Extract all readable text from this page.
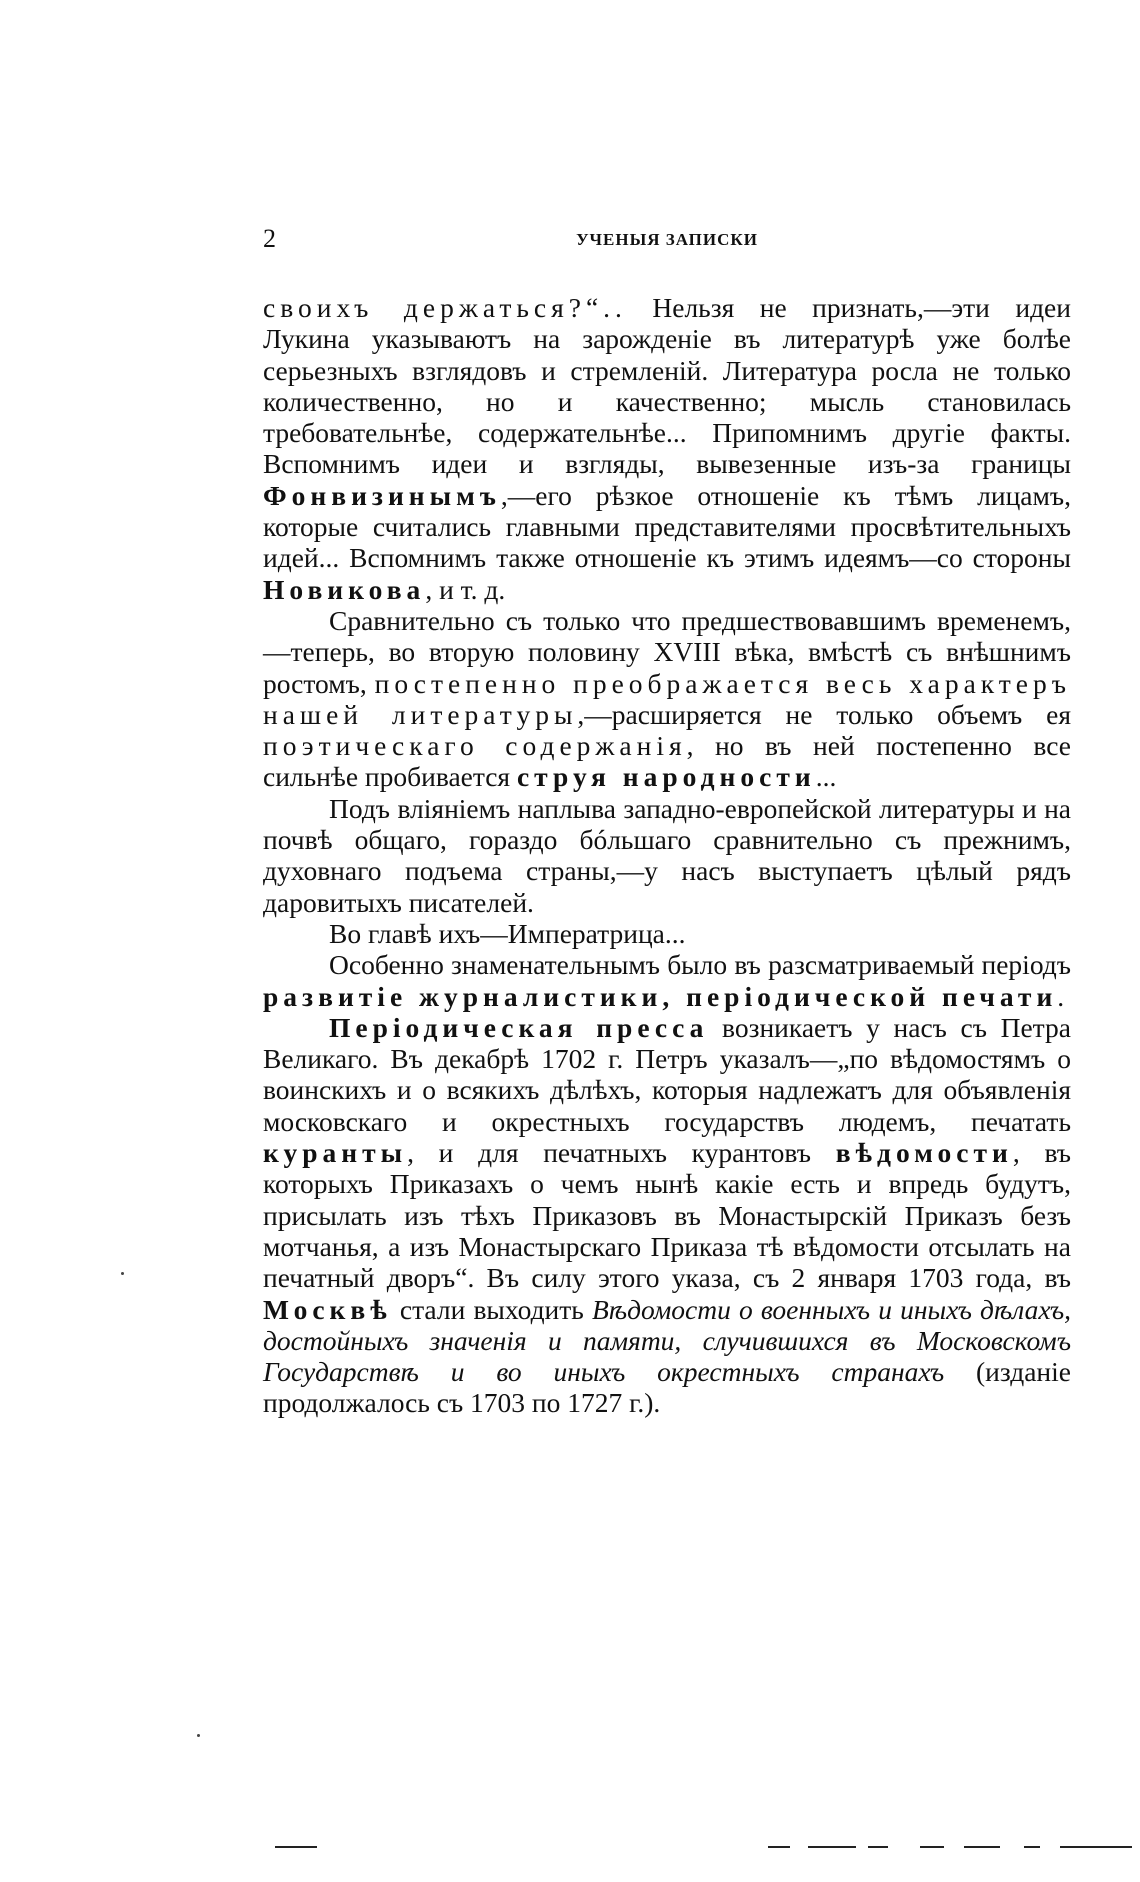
2	УЧЕНЫЯ ЗАПИСКИ

своихъ держаться?“.. Нельзя не признать,—эти идеи Лукина указываютъ на зарожденіе въ литературѣ уже болѣе серьезныхъ взглядовъ и стремленій. Литература росла не только количественно, но и качественно; мысль становилась требовательнѣе, содержательнѣе... Припомнимъ другіе факты. Вспомнимъ идеи и взгляды, вывезенные изъ-за границы Фонвизинымъ,—его рѣзкое отношеніе къ тѣмъ лицамъ, которые считались главными представителями просвѣтительныхъ идей... Вспомнимъ также отношеніе къ этимъ идеямъ—со стороны Новикова, и т. д.

Сравнительно съ только что предшествовавшимъ временемъ,—теперь, во вторую половину XVIII вѣка, вмѣстѣ съ внѣшнимъ ростомъ, постепенно преображается весь характеръ нашей литературы,—расширяется не только объемъ ея поэтическаго содержанія, но въ ней постепенно все сильнѣе пробивается струя народности...

Подъ вліяніемъ наплыва западно-европейской литературы и на почвѣ общаго, гораздо бóльшаго сравнительно съ прежнимъ, духовнаго подъема страны,—у насъ выступаетъ цѣлый рядъ даровитыхъ писателей.

Во главѣ ихъ—Императрица...

Особенно знаменательнымъ было въ разсматриваемый періодъ развитіе журналистики, періодической печати.

Періодическая пресса возникаетъ у насъ съ Петра Великаго. Въ декабрѣ 1702 г. Петръ указалъ—„по вѣдомостямъ о воинскихъ и о всякихъ дѣлѣхъ, которыя надлежатъ для объявленія московскаго и окрестныхъ государствъ людемъ, печатать куранты, и для печатныхъ курантовъ вѣдомости, въ которыхъ Приказахъ о чемъ нынѣ какіе есть и впредь будутъ, присылать изъ тѣхъ Приказовъ въ Монастырскій Приказъ безъ мотчанья, а изъ Монастырскаго Приказа тѣ вѣдомости отсылать на печатный дворъ“. Въ силу этого указа, съ 2 января 1703 года, въ Москвѣ стали выходить Вѣдомости о военныхъ и иныхъ дѣлахъ, достойныхъ значенія и памяти, случившихся въ Московскомъ Государствѣ и во иныхъ окрестныхъ странахъ (изданіе продолжалось съ 1703 по 1727 г.).
